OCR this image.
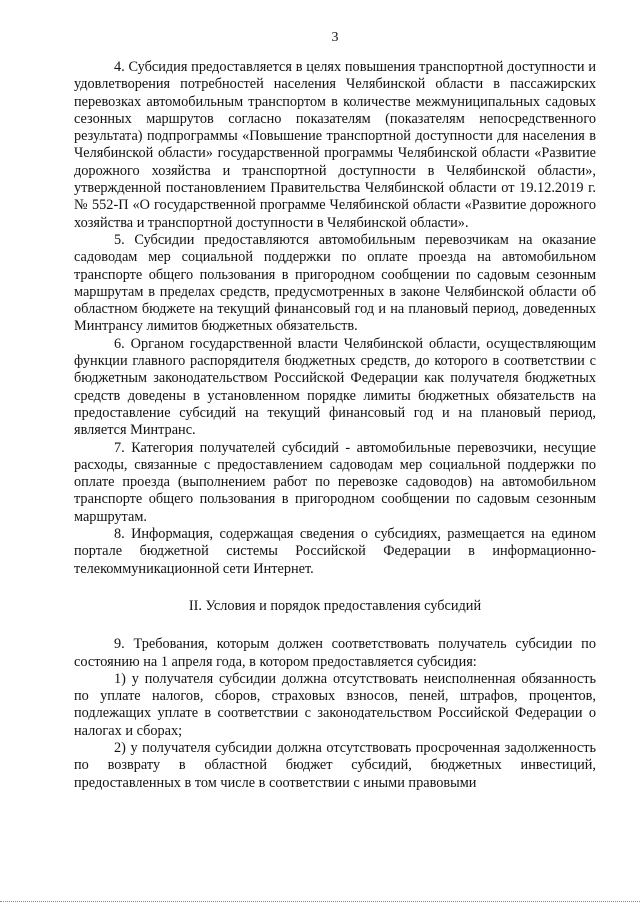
3

4. Субсидия предоставляется в целях повышения транспортной доступности и удовлетворения потребностей населения Челябинской области в пассажирских перевозках автомобильным транспортом в количестве межмуниципальных садовых сезонных маршрутов согласно показателям (показателям непосредственного результата) подпрограммы «Повышение транспортной доступности для населения в Челябинской области» государственной программы Челябинской области «Развитие дорожного хозяйства и транспортной доступности в Челябинской области», утвержденной постановлением Правительства Челябинской области от 19.12.2019 г. № 552-П «О государственной программе Челябинской области «Развитие дорожного хозяйства и транспортной доступности в Челябинской области».

5. Субсидии предоставляются автомобильным перевозчикам на оказание садоводам мер социальной поддержки по оплате проезда на автомобильном транспорте общего пользования в пригородном сообщении по садовым сезонным маршрутам в пределах средств, предусмотренных в законе Челябинской области об областном бюджете на текущий финансовый год и на плановый период, доведенных Минтрансу лимитов бюджетных обязательств.

6. Органом государственной власти Челябинской области, осуществляющим функции главного распорядителя бюджетных средств, до которого в соответствии с бюджетным законодательством Российской Федерации как получателя бюджетных средств доведены в установленном порядке лимиты бюджетных обязательств на предоставление субсидий на текущий финансовый год и на плановый период, является Минтранс.

7. Категория получателей субсидий - автомобильные перевозчики, несущие расходы, связанные с предоставлением садоводам мер социальной поддержки по оплате проезда (выполнением работ по перевозке садоводов) на автомобильном транспорте общего пользования в пригородном сообщении по садовым сезонным маршрутам.

8. Информация, содержащая сведения о субсидиях, размещается на едином портале бюджетной системы Российской Федерации в информационно-телекоммуникационной сети Интернет.

II. Условия и порядок предоставления субсидий

9. Требования, которым должен соответствовать получатель субсидии по состоянию на 1 апреля года, в котором предоставляется субсидия:

1) у получателя субсидии должна отсутствовать неисполненная обязанность по уплате налогов, сборов, страховых взносов, пеней, штрафов, процентов, подлежащих уплате в соответствии с законодательством Российской Федерации о налогах и сборах;

2) у получателя субсидии должна отсутствовать просроченная задолженность по возврату в областной бюджет субсидий, бюджетных инвестиций, предоставленных в том числе в соответствии с иными правовыми
